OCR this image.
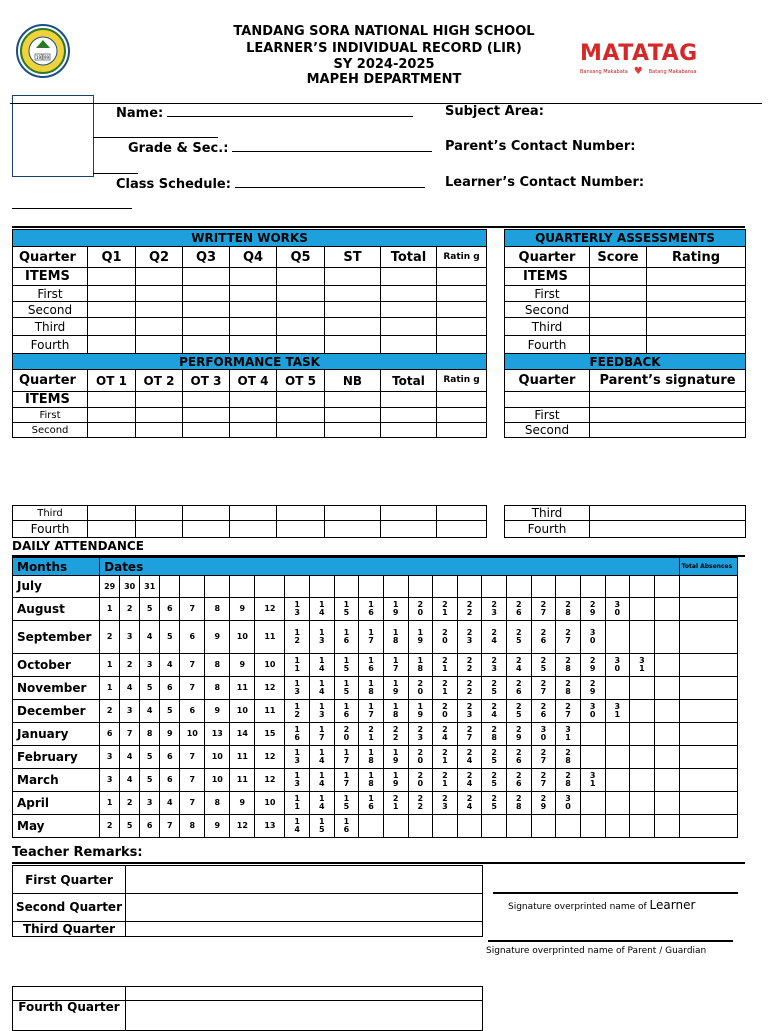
19 99
TANDANG SORA NATIONAL HIGH SCHOOL
LEARNER’S INDIVIDUAL RECORD (LIR)
SY 2024-2025
MAPEH DEPARTMENT
MATATAG
Bansang Makabata ♥ Batang Makabansa
Name:	Subject Area:
Grade & Sec.:	Parent’s Contact Number:
Class Schedule:	Learner’s Contact Number:
WRITTEN WORKS								
Quarter	Q1	Q2	Q3	Q4	Q5	ST	Total	Ratin g
ITEMS								
First								
Second								
Third								
Fourth								
PERFORMANCE TASK								
Quarter	OT 1	OT 2	OT 3	OT 4	OT 5	NB	Total	Ratin g
ITEMS								
First								
Second								
QUARTERLY ASSESSMENTS		
Quarter	Score	Rating
ITEMS		
First		
Second		
Third		
Fourth		
FEEDBACK		
Quarter	Parent’s signature	

First		
Second		
Third								
Fourth								
Third	
Fourth	
DAILY ATTENDANCE
Months	Dates																								Total Absences
July	29	30	31																						
August	1	2	5	6	7	8	9	12	13	14	15	16	19	20	21	22	23	26	27	28	29	30			
September	2	3	4	5	6	9	10	11	12	13	16	17	18	19	20	23	24	25	26	27	30				
October	1	2	3	4	7	8	9	10	11	14	15	16	17	18	21	22	23	24	25	28	29	30	31		
November	1	4	5	6	7	8	11	12	13	14	15	18	19	20	21	22	25	26	27	28	29				
December	2	3	4	5	6	9	10	11	12	13	16	17	18	19	20	23	24	25	26	27	30	31			
January	6	7	8	9	10	13	14	15	16	17	20	21	22	23	24	27	28	29	30	31					
February	3	4	5	6	7	10	11	12	13	14	17	18	19	20	21	24	25	26	27	28					
March	3	4	5	6	7	10	11	12	13	14	17	18	19	20	21	24	25	26	27	28	31				
April	1	2	3	4	7	8	9	10	11	14	15	16	21	22	23	24	25	28	29	30					
May	2	5	6	7	8	9	12	13	14	15	16														
Teacher Remarks:
First Quarter	
Second Quarter	
Third Quarter	
Signature overprinted name of Learner
Signature overprinted name of Parent / Guardian

Fourth Quarter	
